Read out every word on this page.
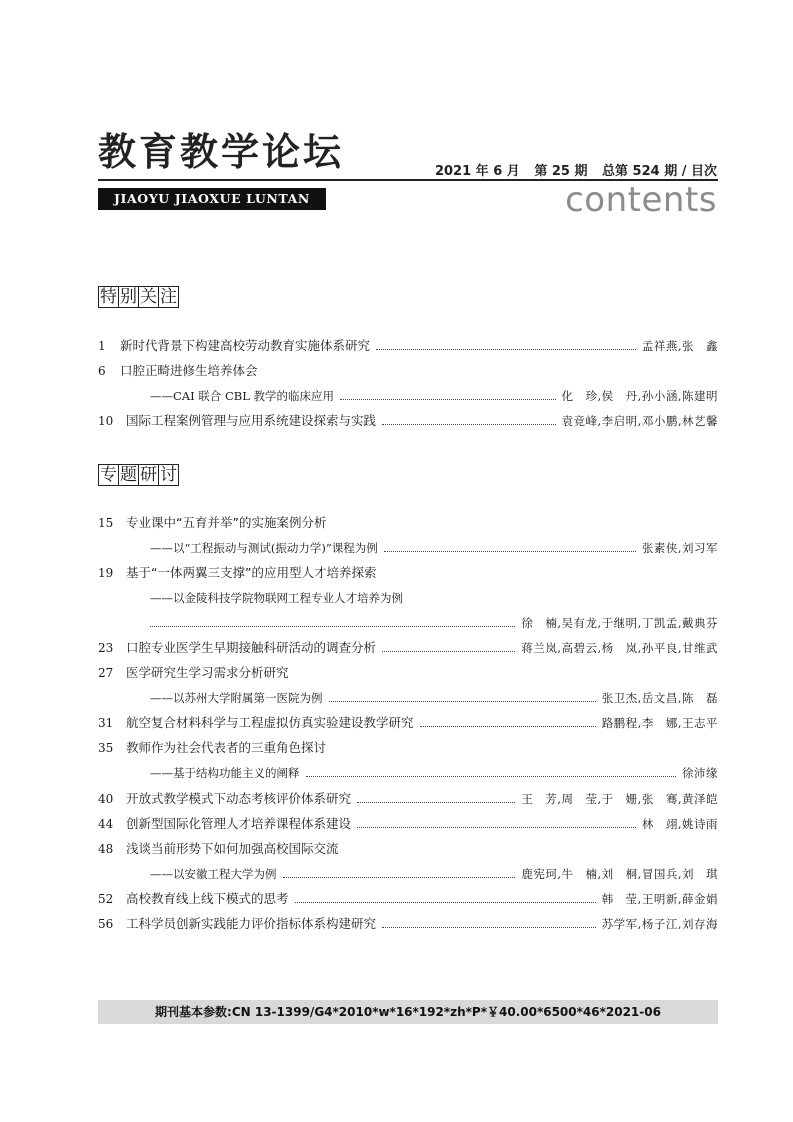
教育教学论坛	2021 年 6 月 第 25 期 总第 524 期 / 目次
JIAOYU JIAOXUE LUNTAN	contents
特 别 关 注
1	新时代背景下构建高校劳动教育实施体系研究	孟祥燕,张　鑫
6	口腔正畸进修生培养体会
——CAI 联合 CBL 教学的临床应用	化　珍,侯　丹,孙小涵,陈建明
10	国际工程案例管理与应用系统建设探索与实践	袁竞峰,李启明,邓小鹏,林艺馨
专 题 研 讨
15	专业课中“五育并举”的实施案例分析
——以“工程振动与测试(振动力学)”课程为例	张素侠,刘习军
19	基于“一体两翼三支撑”的应用型人才培养探索
——以金陵科技学院物联网工程专业人才培养为例
徐　楠,吴有龙,于继明,丁凯孟,戴典芬
23	口腔专业医学生早期接触科研活动的调查分析	蒋兰岚,高碧云,杨　岚,孙平良,甘维武
27	医学研究生学习需求分析研究
——以苏州大学附属第一医院为例	张卫杰,岳文昌,陈　磊
31	航空复合材料科学与工程虚拟仿真实验建设教学研究	路鹏程,李　娜,王志平
35	教师作为社会代表者的三重角色探讨
——基于结构功能主义的阐释	徐沛缘
40	开放式教学模式下动态考核评价体系研究	王　芳,周　莹,于　姗,张　骞,黄泽皑
44	创新型国际化管理人才培养课程体系建设	林　翊,姚诗雨
48	浅谈当前形势下如何加强高校国际交流
——以安徽工程大学为例	鹿宪珂,牛　楠,刘　桐,冒国兵,刘　琪
52	高校教育线上线下模式的思考	韩　莹,王明新,薛金娟
56	工科学员创新实践能力评价指标体系构建研究	苏学军,杨子江,刘存海
期刊基本参数:CN 13-1399/G4*2010*w*16*192*zh*P*￥40.00*6500*46*2021-06
